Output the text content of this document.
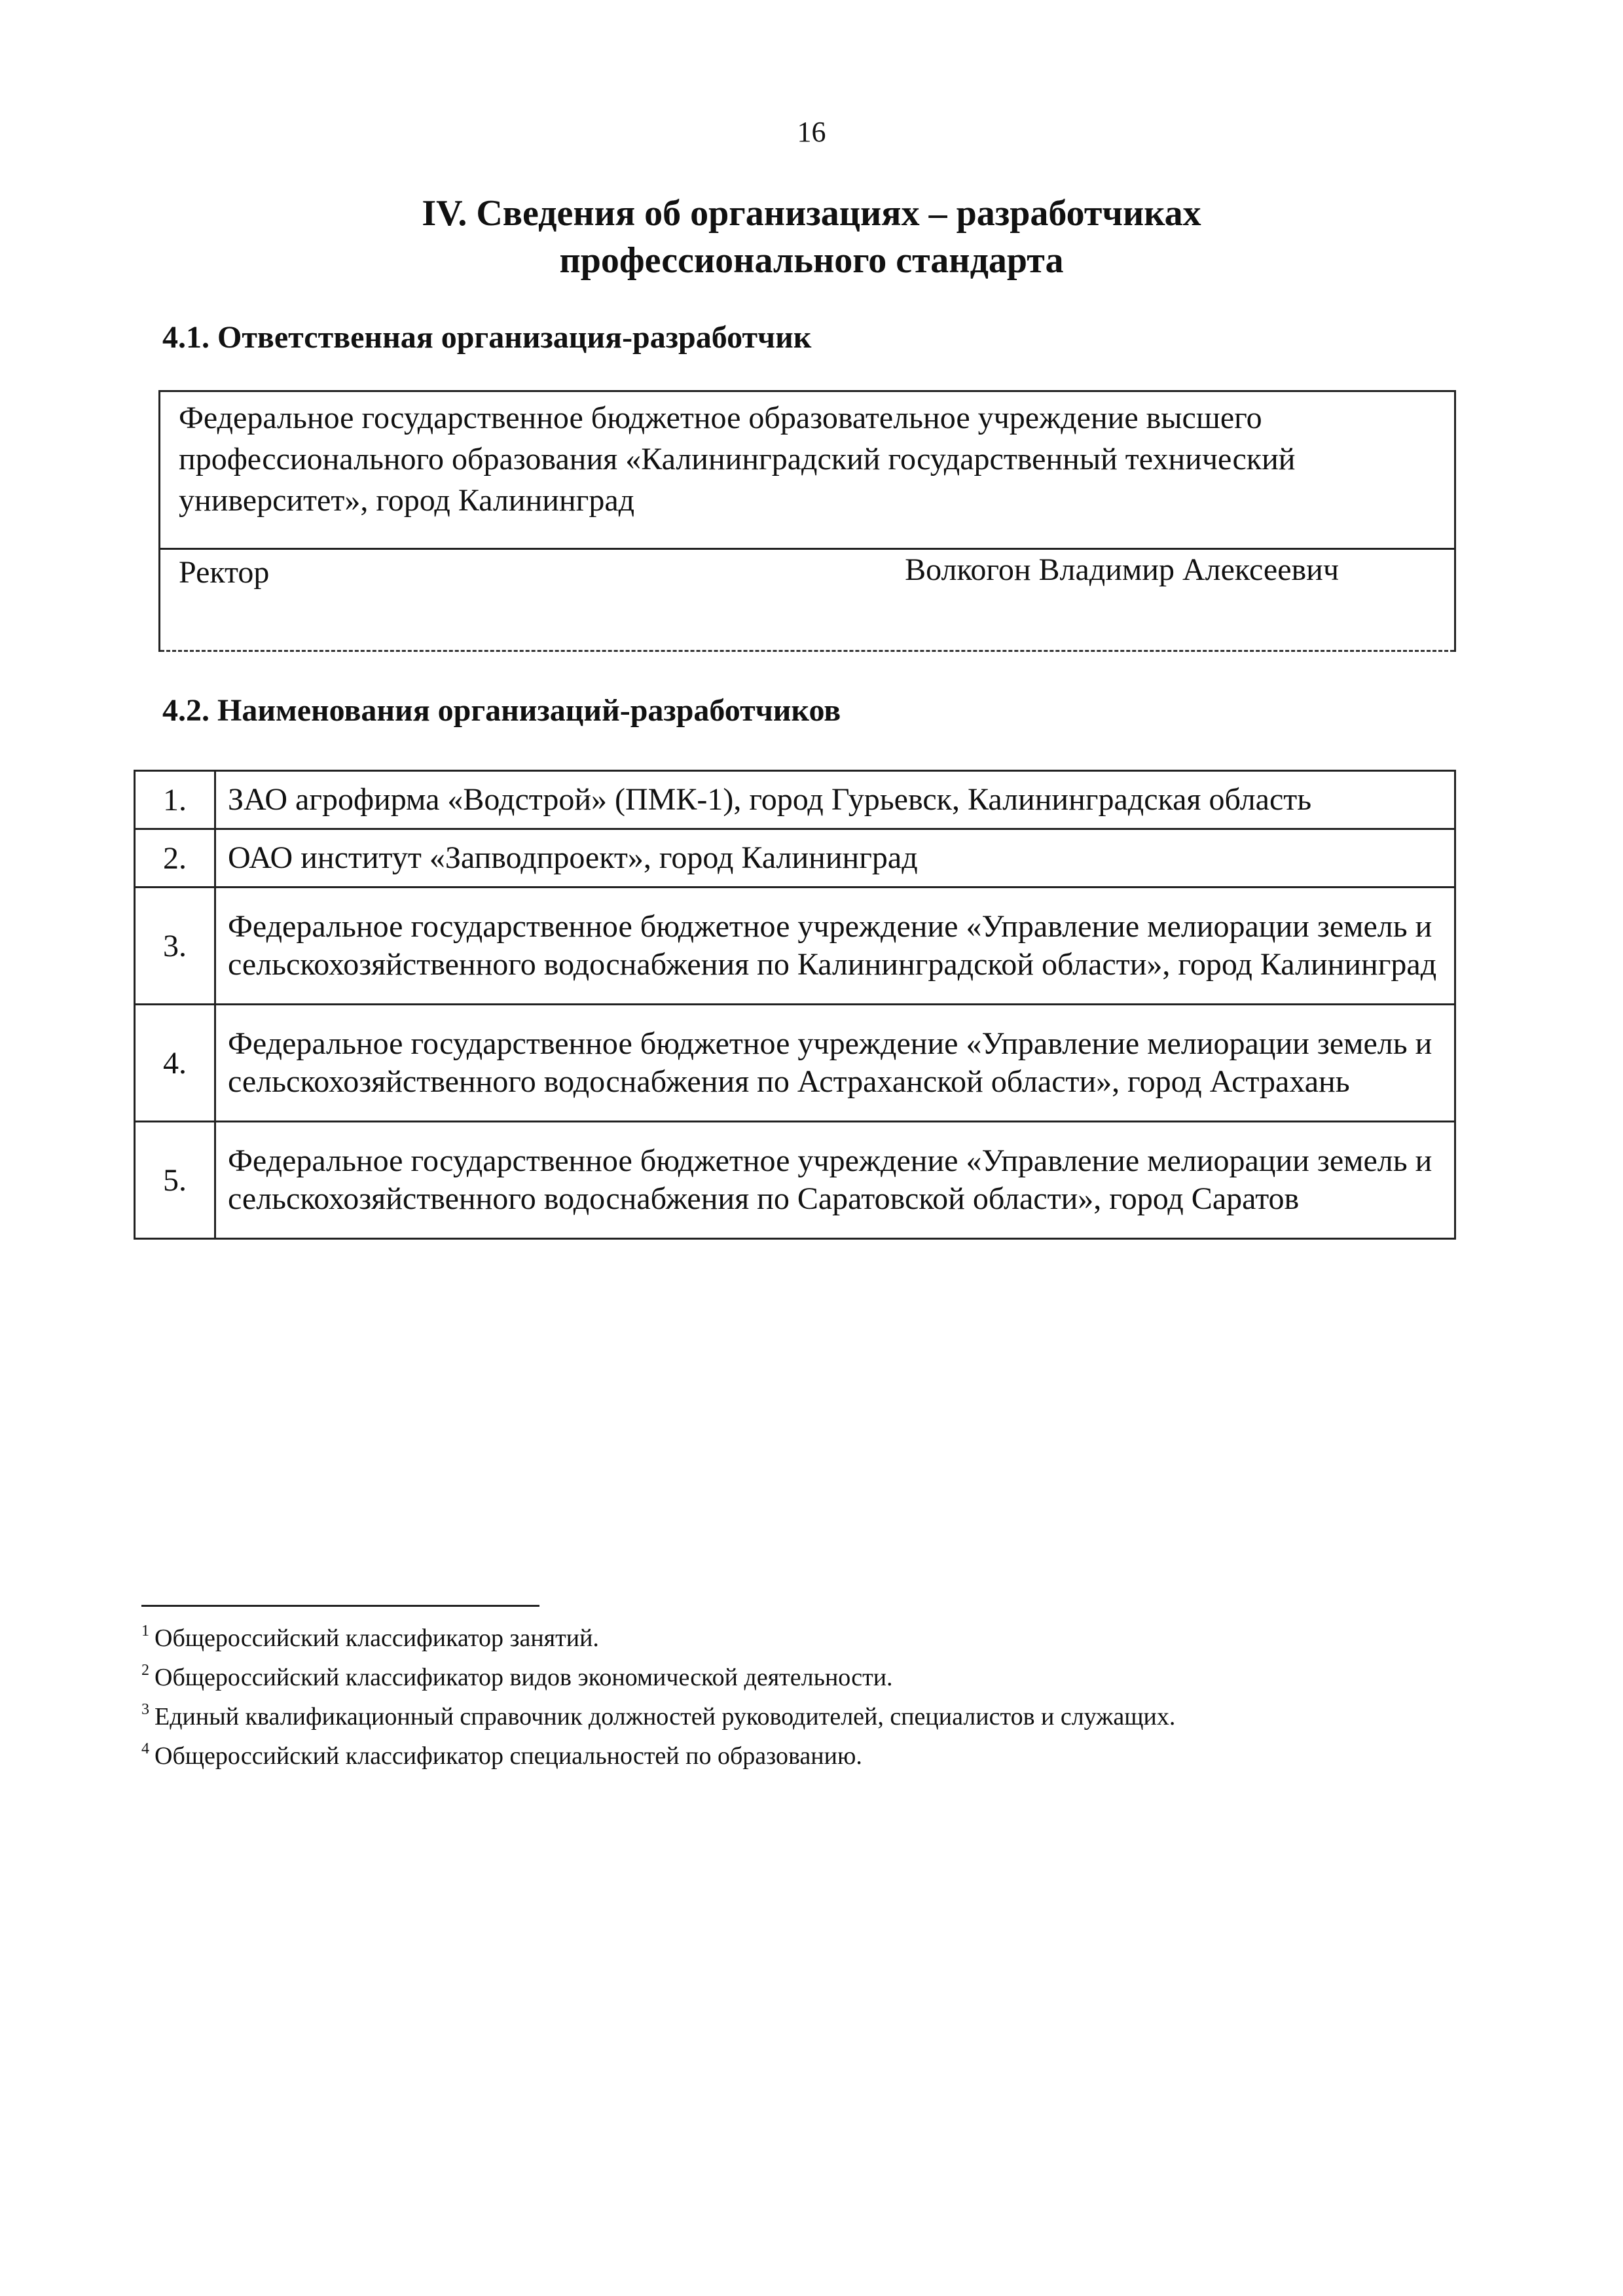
16
IV. Сведения об организациях – разработчиках
профессионального стандарта
4.1. Ответственная организация-разработчик
Федеральное государственное бюджетное образовательное учреждение высшего профессионального образования «Калининградский государственный технический университет», город Калининград
Ректор	Волкогон Владимир Алексеевич
4.2. Наименования организаций-разработчиков
1.	ЗАО агрофирма «Водстрой» (ПМК-1), город Гурьевск, Калининградская область
2.	ОАО институт «Запводпроект», город Калининград
3.	Федеральное государственное бюджетное учреждение «Управление мелиорации земель и сельскохозяйственного водоснабжения по Калининградской области», город Калининград
4.	Федеральное государственное бюджетное учреждение «Управление мелиорации земель и сельскохозяйственного водоснабжения по Астраханской области», город Астрахань
5.	Федеральное государственное бюджетное учреждение «Управление мелиорации земель и сельскохозяйственного водоснабжения по Саратовской области», город Саратов
$^1$ Общероссийский классификатор занятий.
$^2$ Общероссийский классификатор видов экономической деятельности.
$^3$ Единый квалификационный справочник должностей руководителей, специалистов и служащих.
$^4$ Общероссийский классификатор специальностей по образованию.
